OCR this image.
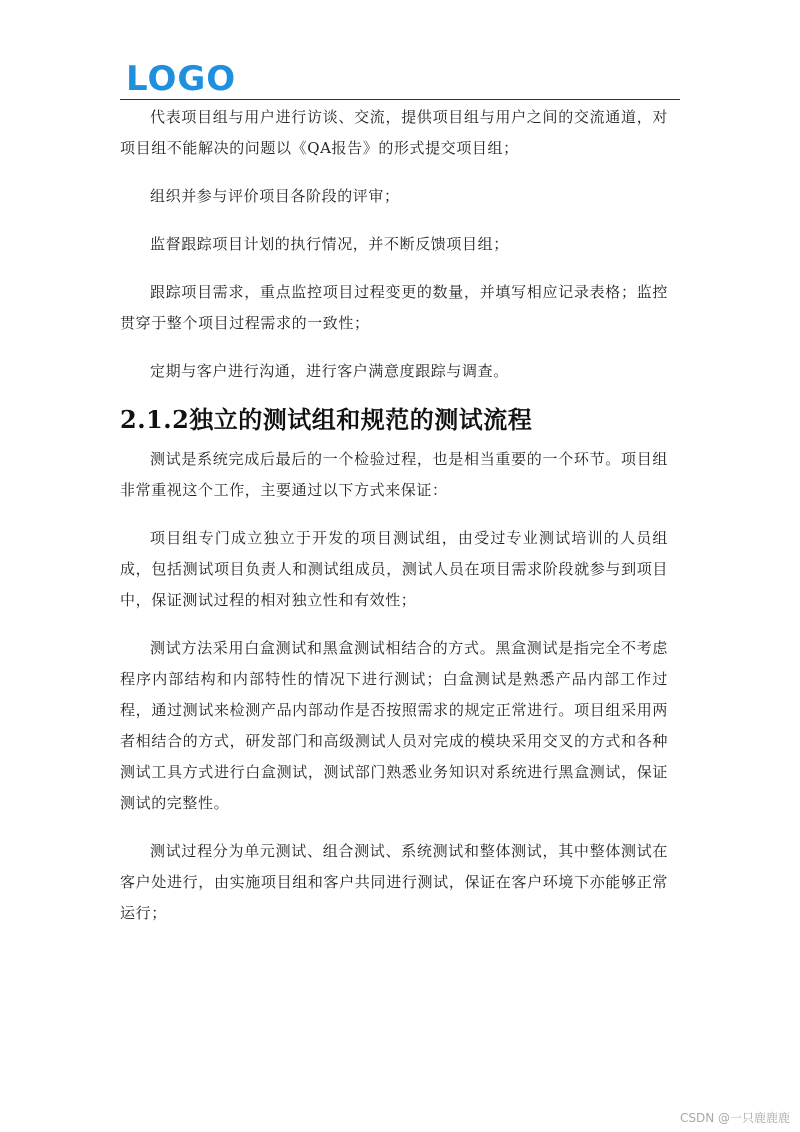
LOGO

代表项目组与用户进行访谈、交流，提供项目组与用户之间的交流通道，对项目组不能解决的问题以《QA报告》的形式提交项目组；

组织并参与评价项目各阶段的评审；

监督跟踪项目计划的执行情况，并不断反馈项目组；

跟踪项目需求，重点监控项目过程变更的数量，并填写相应记录表格；监控贯穿于整个项目过程需求的一致性；

定期与客户进行沟通，进行客户满意度跟踪与调查。

2.1.2独立的测试组和规范的测试流程

测试是系统完成后最后的一个检验过程，也是相当重要的一个环节。项目组非常重视这个工作，主要通过以下方式来保证：

项目组专门成立独立于开发的项目测试组，由受过专业测试培训的人员组成，包括测试项目负责人和测试组成员，测试人员在项目需求阶段就参与到项目中，保证测试过程的相对独立性和有效性；

测试方法采用白盒测试和黑盒测试相结合的方式。黑盒测试是指完全不考虑程序内部结构和内部特性的情况下进行测试；白盒测试是熟悉产品内部工作过程，通过测试来检测产品内部动作是否按照需求的规定正常进行。项目组采用两者相结合的方式，研发部门和高级测试人员对完成的模块采用交叉的方式和各种测试工具方式进行白盒测试，测试部门熟悉业务知识对系统进行黑盒测试，保证测试的完整性。

测试过程分为单元测试、组合测试、系统测试和整体测试，其中整体测试在客户处进行，由实施项目组和客户共同进行测试，保证在客户环境下亦能够正常运行；

CSDN @一只鹿鹿鹿
